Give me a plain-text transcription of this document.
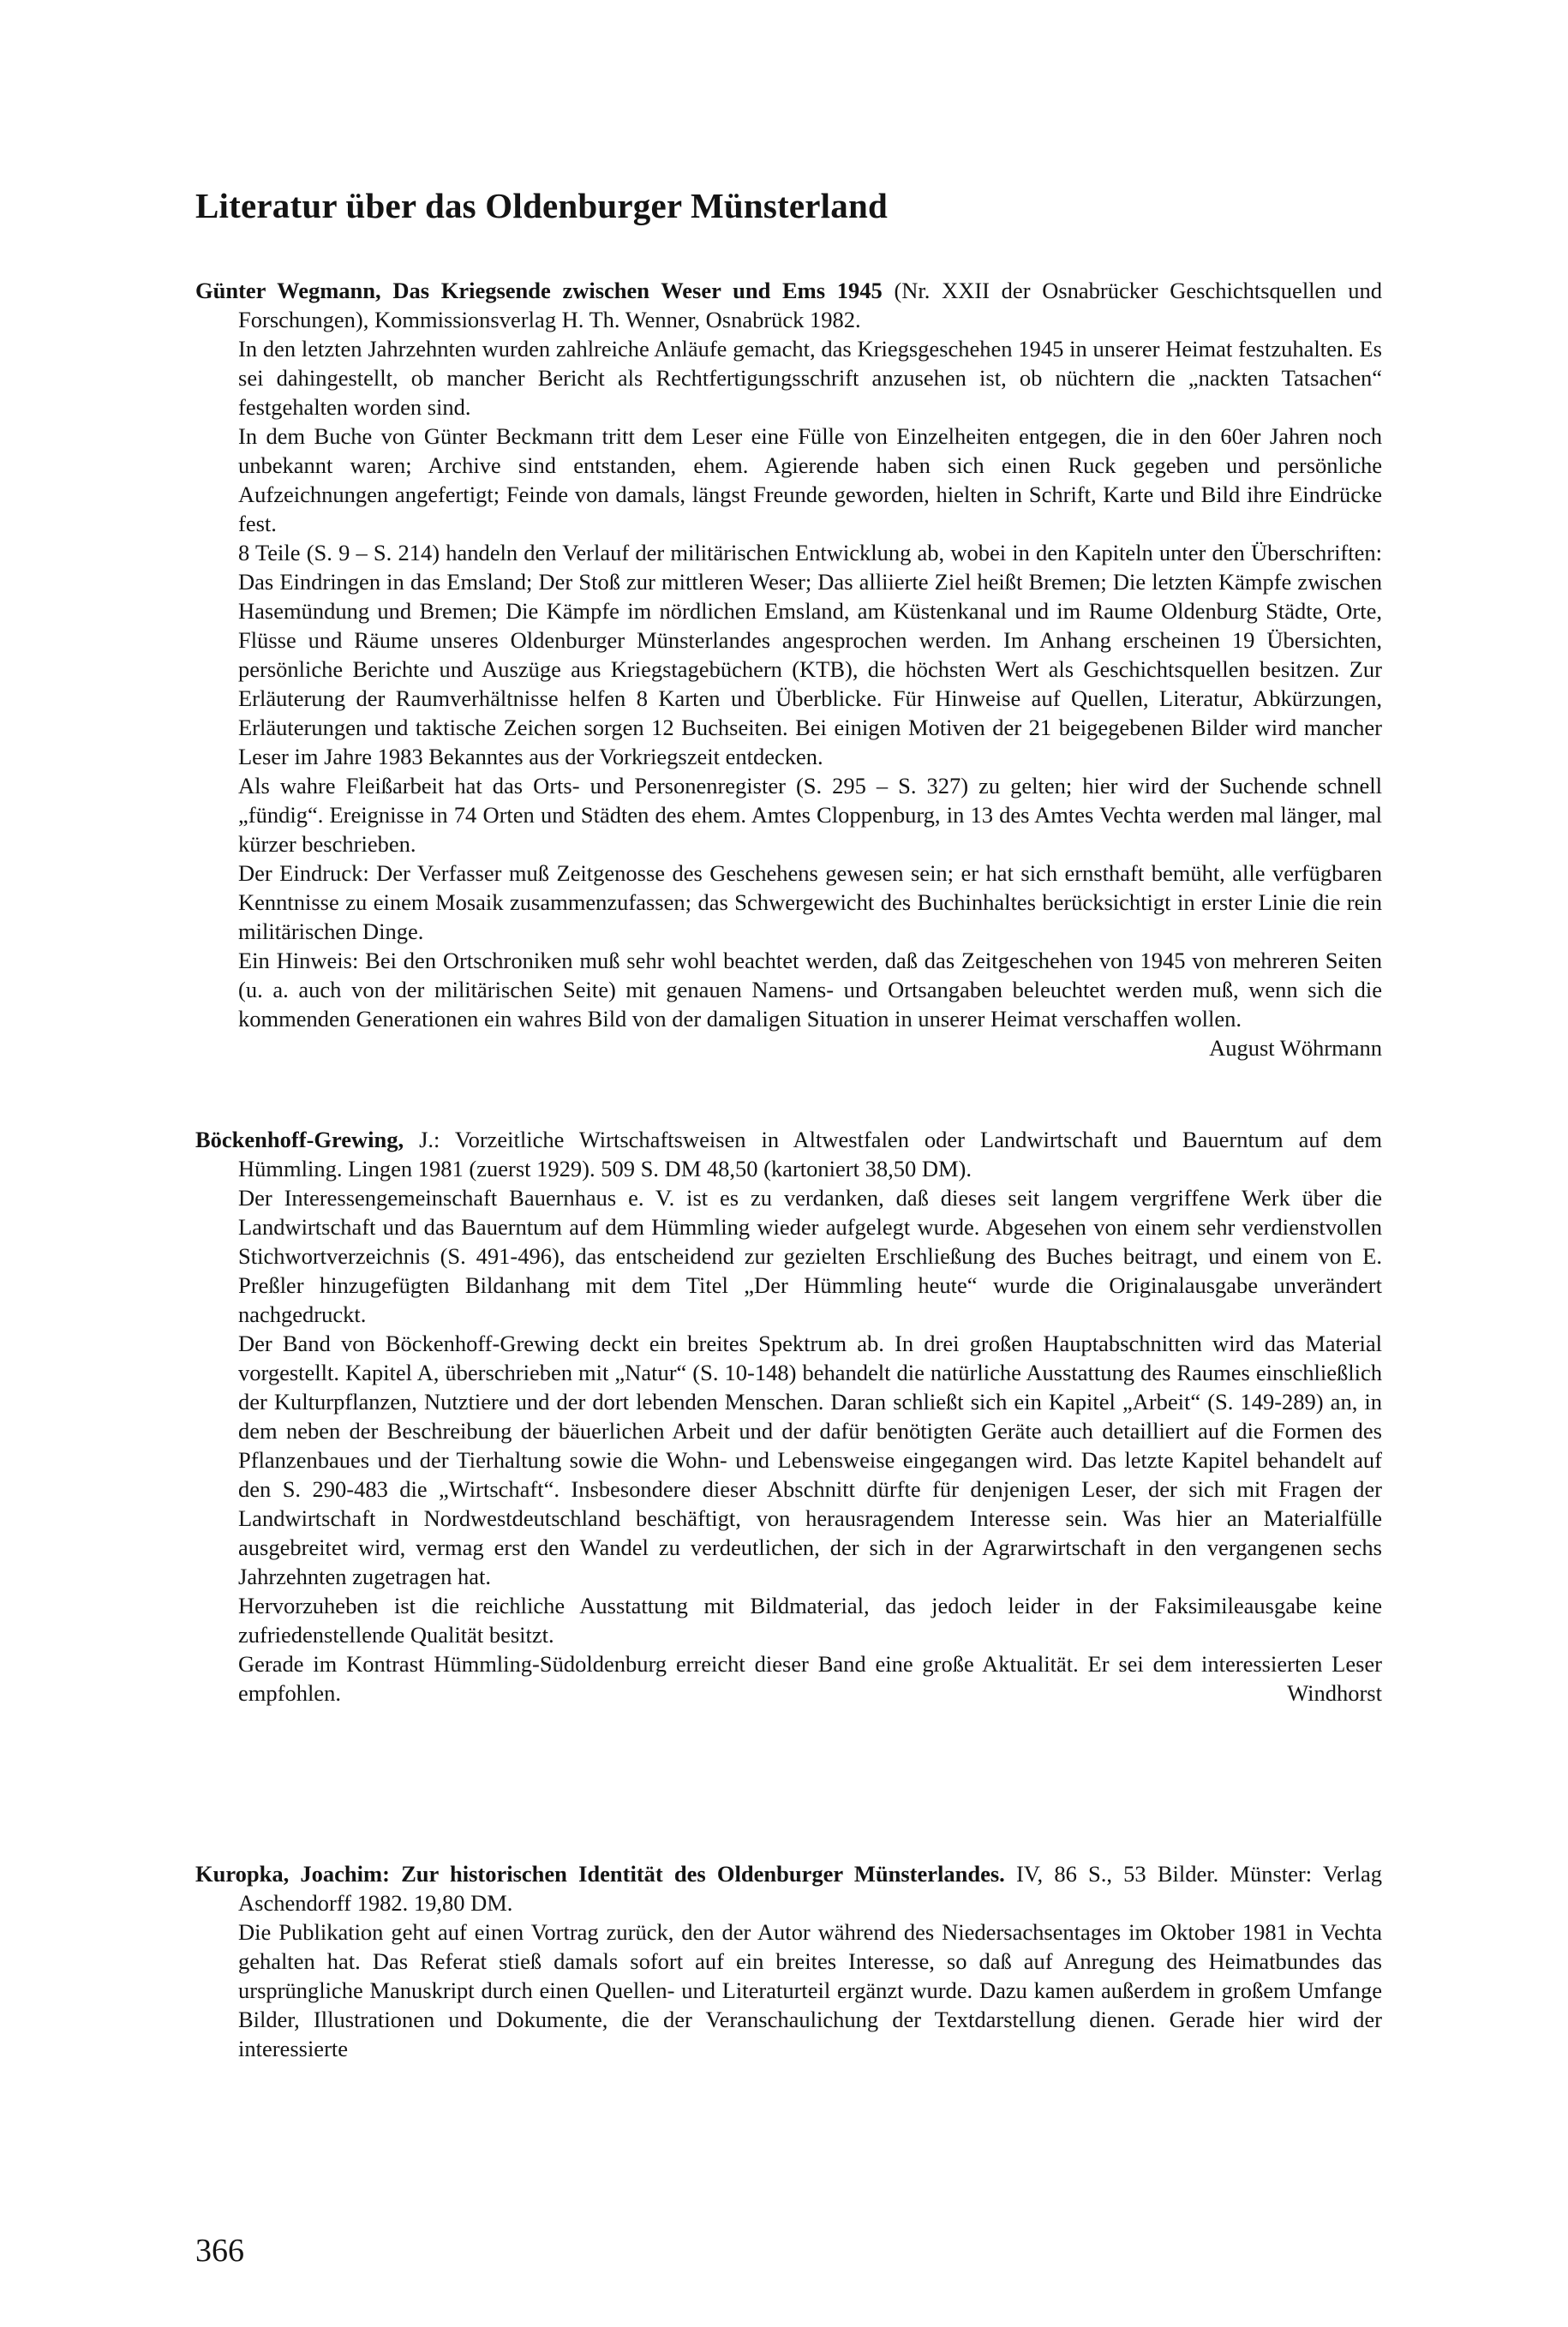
Literatur über das Oldenburger Münsterland

Günter Wegmann, Das Kriegsende zwischen Weser und Ems 1945 (Nr. XXII der Osnabrücker Geschichtsquellen und Forschungen), Kommissionsverlag H. Th. Wenner, Osnabrück 1982.

In den letzten Jahrzehnten wurden zahlreiche Anläufe gemacht, das Kriegsgeschehen 1945 in unserer Heimat festzuhalten. Es sei dahingestellt, ob mancher Bericht als Rechtfertigungsschrift anzusehen ist, ob nüchtern die „nackten Tatsachen“ festgehalten worden sind.

In dem Buche von Günter Beckmann tritt dem Leser eine Fülle von Einzelheiten entgegen, die in den 60er Jahren noch unbekannt waren; Archive sind entstanden, ehem. Agierende haben sich einen Ruck gegeben und persönliche Aufzeichnungen angefertigt; Feinde von damals, längst Freunde geworden, hielten in Schrift, Karte und Bild ihre Eindrücke fest.

8 Teile (S. 9 – S. 214) handeln den Verlauf der militärischen Entwicklung ab, wobei in den Kapiteln unter den Überschriften: Das Eindringen in das Emsland; Der Stoß zur mittleren Weser; Das alliierte Ziel heißt Bremen; Die letzten Kämpfe zwischen Hasemündung und Bremen; Die Kämpfe im nördlichen Emsland, am Küstenkanal und im Raume Oldenburg Städte, Orte, Flüsse und Räume unseres Oldenburger Münsterlandes angesprochen werden. Im Anhang erscheinen 19 Übersichten, persönliche Berichte und Auszüge aus Kriegstagebüchern (KTB), die höchsten Wert als Geschichtsquellen besitzen. Zur Erläuterung der Raumverhältnisse helfen 8 Karten und Überblicke. Für Hinweise auf Quellen, Literatur, Abkürzungen, Erläuterungen und taktische Zeichen sorgen 12 Buchseiten. Bei einigen Motiven der 21 beigegebenen Bilder wird mancher Leser im Jahre 1983 Bekanntes aus der Vorkriegszeit entdecken.

Als wahre Fleißarbeit hat das Orts- und Personenregister (S. 295 – S. 327) zu gelten; hier wird der Suchende schnell „fündig“. Ereignisse in 74 Orten und Städten des ehem. Amtes Cloppenburg, in 13 des Amtes Vechta werden mal länger, mal kürzer beschrieben.

Der Eindruck: Der Verfasser muß Zeitgenosse des Geschehens gewesen sein; er hat sich ernsthaft bemüht, alle verfügbaren Kenntnisse zu einem Mosaik zusammenzufassen; das Schwergewicht des Buchinhaltes berücksichtigt in erster Linie die rein militärischen Dinge.

Ein Hinweis: Bei den Ortschroniken muß sehr wohl beachtet werden, daß das Zeitgeschehen von 1945 von mehreren Seiten (u. a. auch von der militärischen Seite) mit genauen Namens- und Ortsangaben beleuchtet werden muß, wenn sich die kommenden Generationen ein wahres Bild von der damaligen Situation in unserer Heimat verschaffen wollen.
August Wöhrmann

Böckenhoff-Grewing, J.: Vorzeitliche Wirtschaftsweisen in Altwestfalen oder Landwirtschaft und Bauerntum auf dem Hümmling. Lingen 1981 (zuerst 1929). 509 S. DM 48,50 (kartoniert 38,50 DM).

Der Interessengemeinschaft Bauernhaus e. V. ist es zu verdanken, daß dieses seit langem vergriffene Werk über die Landwirtschaft und das Bauerntum auf dem Hümmling wieder aufgelegt wurde. Abgesehen von einem sehr verdienstvollen Stichwortverzeichnis (S. 491-496), das entscheidend zur gezielten Erschließung des Buches beitragt, und einem von E. Preßler hinzugefügten Bildanhang mit dem Titel „Der Hümmling heute“ wurde die Originalausgabe unverändert nachgedruckt.

Der Band von Böckenhoff-Grewing deckt ein breites Spektrum ab. In drei großen Hauptabschnitten wird das Material vorgestellt. Kapitel A, überschrieben mit „Natur“ (S. 10-148) behandelt die natürliche Ausstattung des Raumes einschließlich der Kulturpflanzen, Nutztiere und der dort lebenden Menschen. Daran schließt sich ein Kapitel „Arbeit“ (S. 149-289) an, in dem neben der Beschreibung der bäuerlichen Arbeit und der dafür benötigten Geräte auch detailliert auf die Formen des Pflanzenbaues und der Tierhaltung sowie die Wohn- und Lebensweise eingegangen wird. Das letzte Kapitel behandelt auf den S. 290-483 die „Wirtschaft“. Insbesondere dieser Abschnitt dürfte für denjenigen Leser, der sich mit Fragen der Landwirtschaft in Nordwestdeutschland beschäftigt, von herausragendem Interesse sein. Was hier an Materialfülle ausgebreitet wird, vermag erst den Wandel zu verdeutlichen, der sich in der Agrarwirtschaft in den vergangenen sechs Jahrzehnten zugetragen hat.

Hervorzuheben ist die reichliche Ausstattung mit Bildmaterial, das jedoch leider in der Faksimileausgabe keine zufriedenstellende Qualität besitzt.

Gerade im Kontrast Hümmling-Südoldenburg erreicht dieser Band eine große Aktualität. Er sei dem interessierten Leser empfohlen.	Windhorst

Kuropka, Joachim: Zur historischen Identität des Oldenburger Münsterlandes. IV, 86 S., 53 Bilder. Münster: Verlag Aschendorff 1982. 19,80 DM.

Die Publikation geht auf einen Vortrag zurück, den der Autor während des Niedersachsentages im Oktober 1981 in Vechta gehalten hat. Das Referat stieß damals sofort auf ein breites Interesse, so daß auf Anregung des Heimatbundes das ursprüngliche Manuskript durch einen Quellen- und Literaturteil ergänzt wurde. Dazu kamen außerdem in großem Umfange Bilder, Illustrationen und Dokumente, die der Veranschaulichung der Textdarstellung dienen. Gerade hier wird der interessierte

366
